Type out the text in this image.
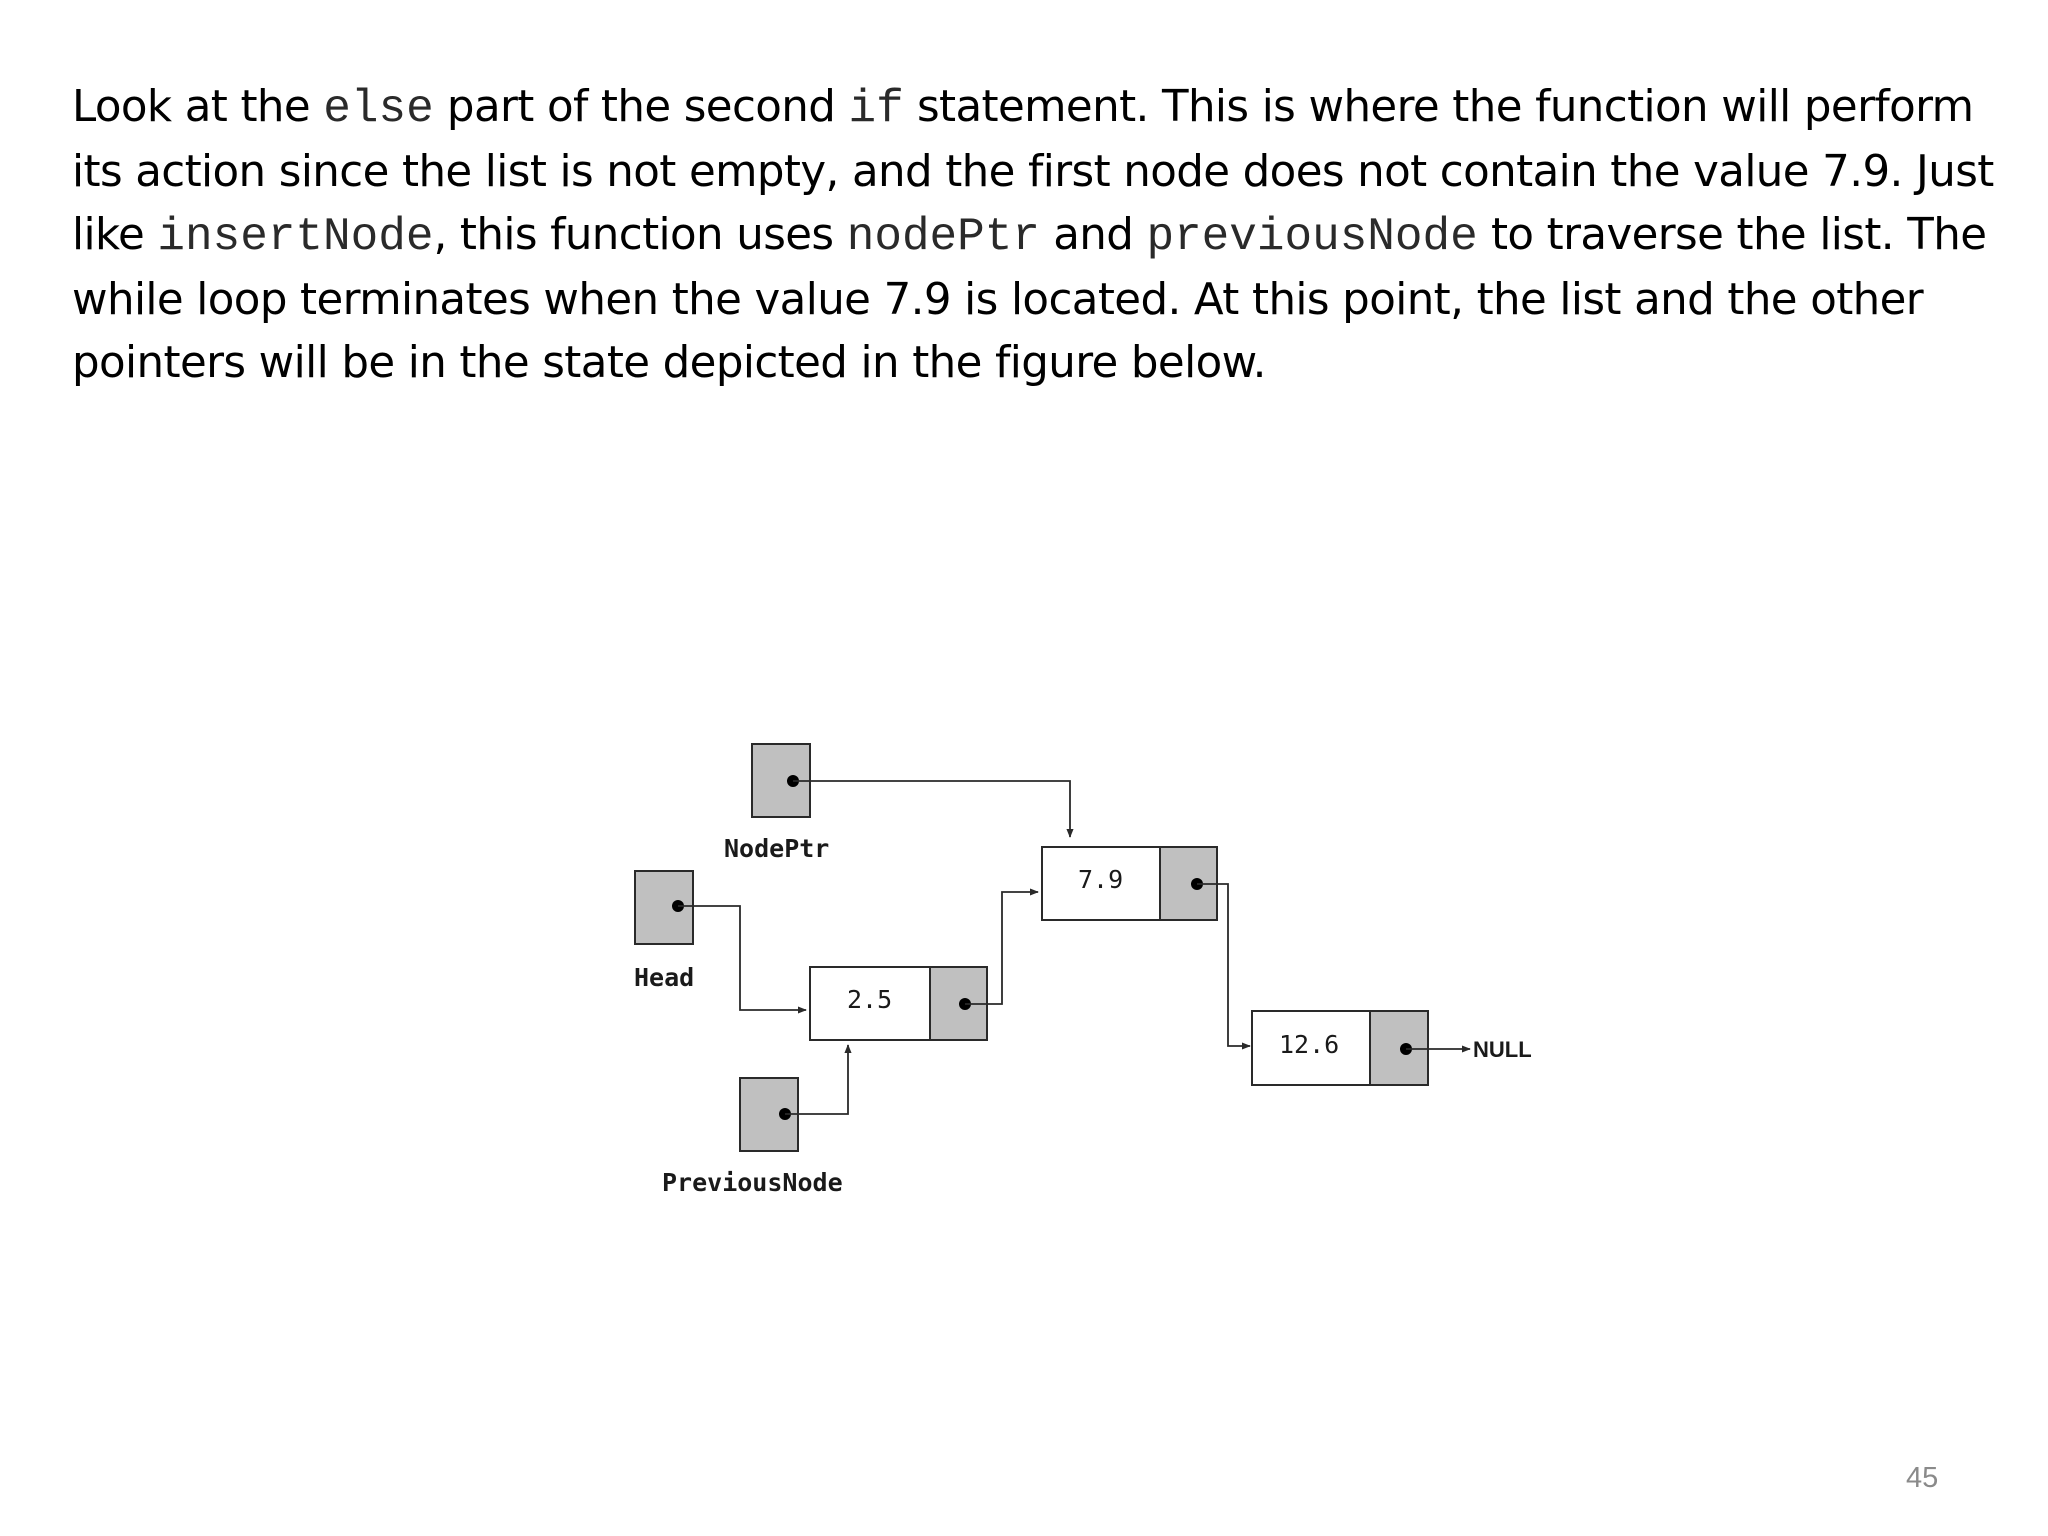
Look at the else part of the second if statement. This is where the function will perform its action since the list is not empty, and the first node does not contain the value 7.9. Just like insertNode, this function uses nodePtr and previousNode to traverse the list. The while loop terminates when the value 7.9 is located. At this point, the list and the other pointers will be in the state depicted in the figure below.

NodePtr
Head
PreviousNode
2.5
7.9
12.6	NULL
45
